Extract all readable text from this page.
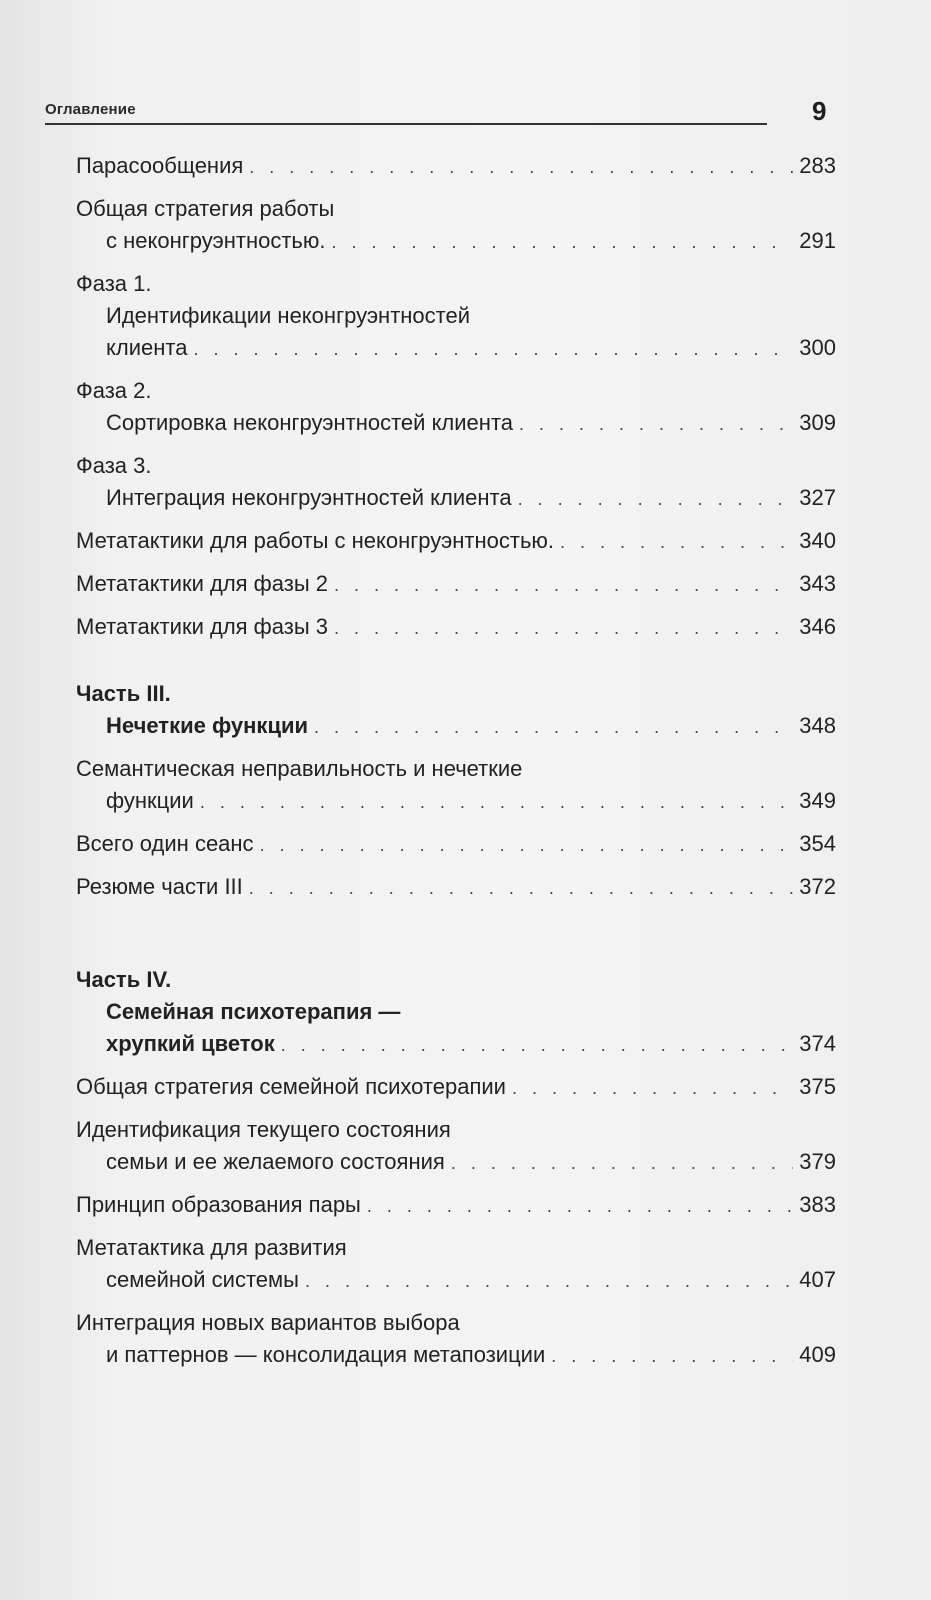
Оглавление	9
Парасообщения . . .	283
Общая стратегия работы
с неконгруэнтностью. . . .	291
Фаза 1.
Идентификации неконгруэнтностей
клиента . . .	300
Фаза 2.
Сортировка неконгруэнтностей клиента . . .	309
Фаза 3.
Интеграция неконгруэнтностей клиента . . .	327
Метатактики для работы с неконгруэнтностью. . . .	340
Метатактики для фазы 2 . . .	343
Метатактики для фазы 3 . . .	346
Часть III.
Нечеткие функции . . .	348
Семантическая неправильность и нечеткие
функции . . .	349
Всего один сеанс . . .	354
Резюме части III . . .	372
Часть IV.
Семейная психотерапия —
хрупкий цветок . . .	374
Общая стратегия семейной психотерапии . . .	375
Идентификация текущего состояния
семьи и ее желаемого состояния . . .	379
Принцип образования пары . . .	383
Метатактика для развития
семейной системы . . .	407
Интеграция новых вариантов выбора
и паттернов — консолидация метапозиции . . .	409
